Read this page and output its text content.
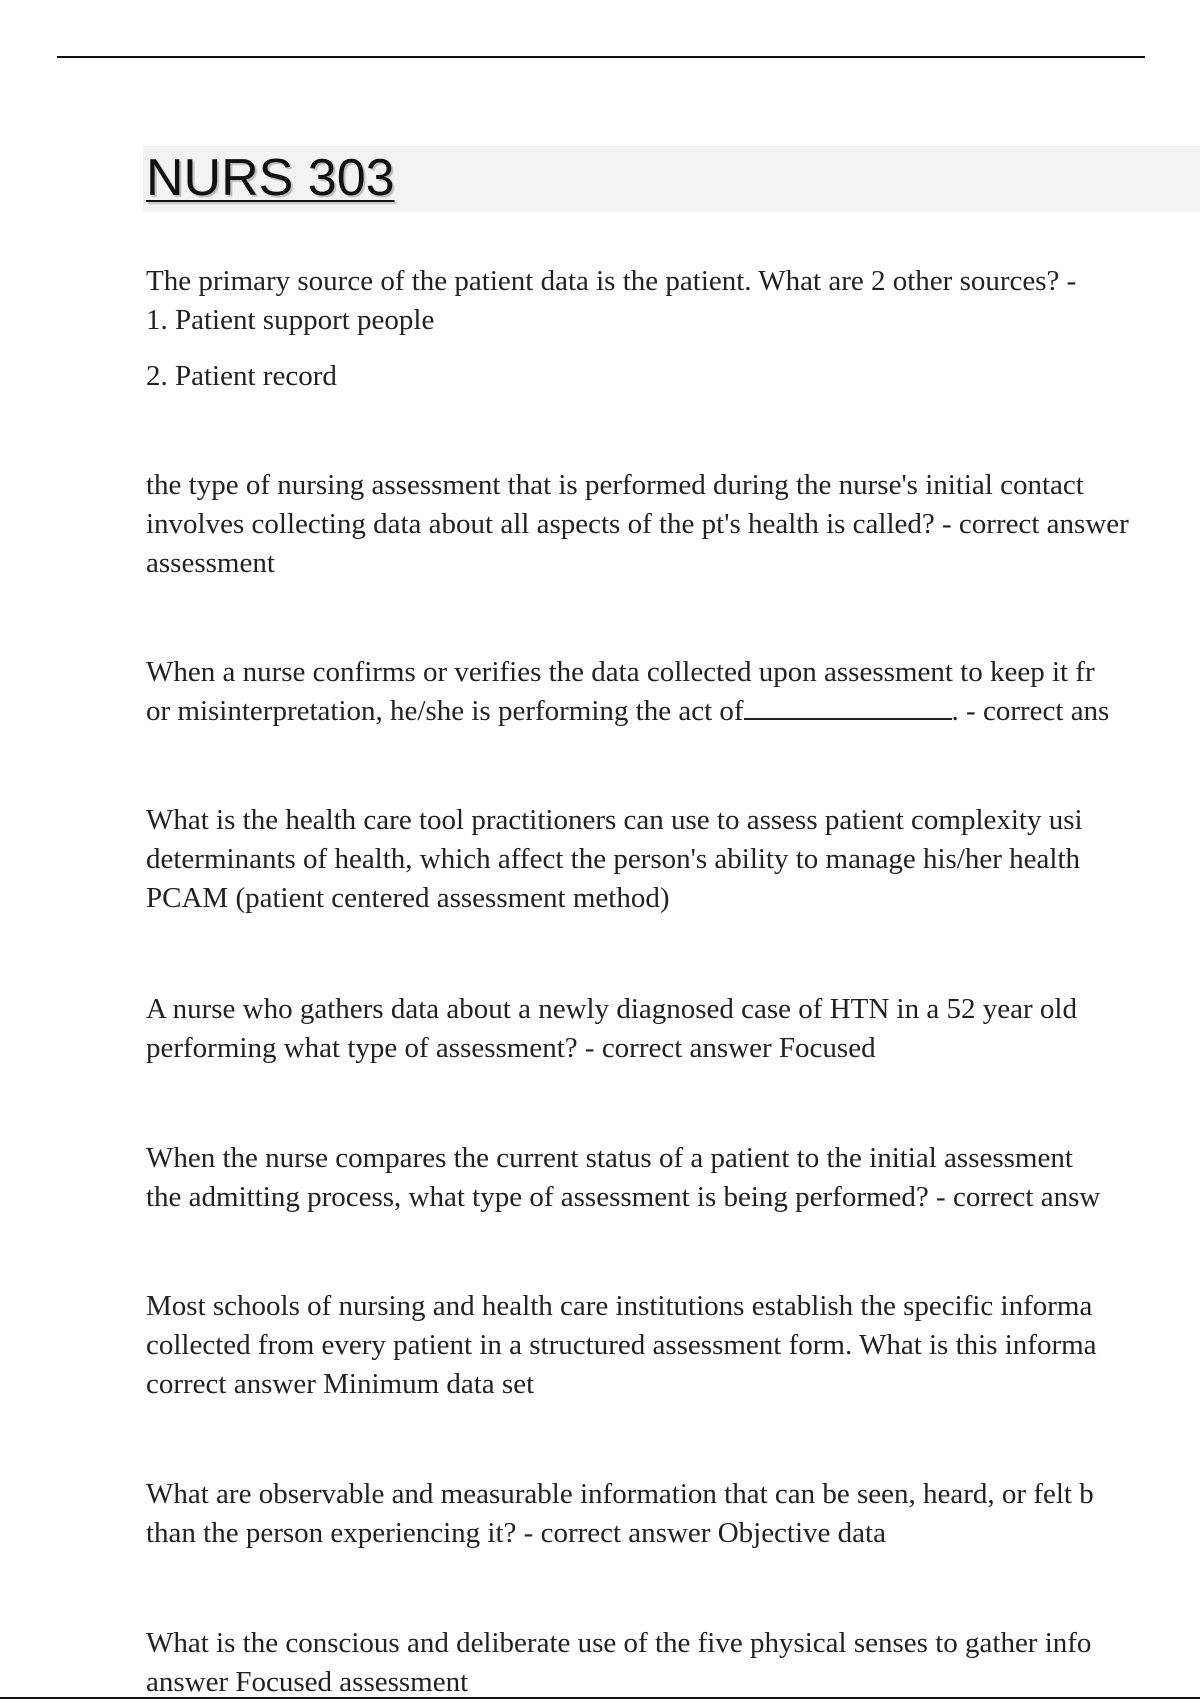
NURS 303
The primary source of the patient data is the patient. What are 2 other sources? -
1. Patient support people
2. Patient record
the type of nursing assessment that is performed during the nurse's initial contact
involves collecting data about all aspects of the pt's health is called? - correct answer
assessment
When a nurse confirms or verifies the data collected upon assessment to keep it fr
or misinterpretation, he/she is performing the act of	. - correct ans
What is the health care tool practitioners can use to assess patient complexity usi
determinants of health, which affect the person's ability to manage his/her health
PCAM (patient centered assessment method)
A nurse who gathers data about a newly diagnosed case of HTN in a 52 year old
performing what type of assessment? - correct answer Focused
When the nurse compares the current status of a patient to the initial assessment
the admitting process, what type of assessment is being performed? - correct answ
Most schools of nursing and health care institutions establish the specific informa
collected from every patient in a structured assessment form. What is this informa
correct answer Minimum data set
What are observable and measurable information that can be seen, heard, or felt b
than the person experiencing it? - correct answer Objective data
What is the conscious and deliberate use of the five physical senses to gather info
answer Focused assessment
